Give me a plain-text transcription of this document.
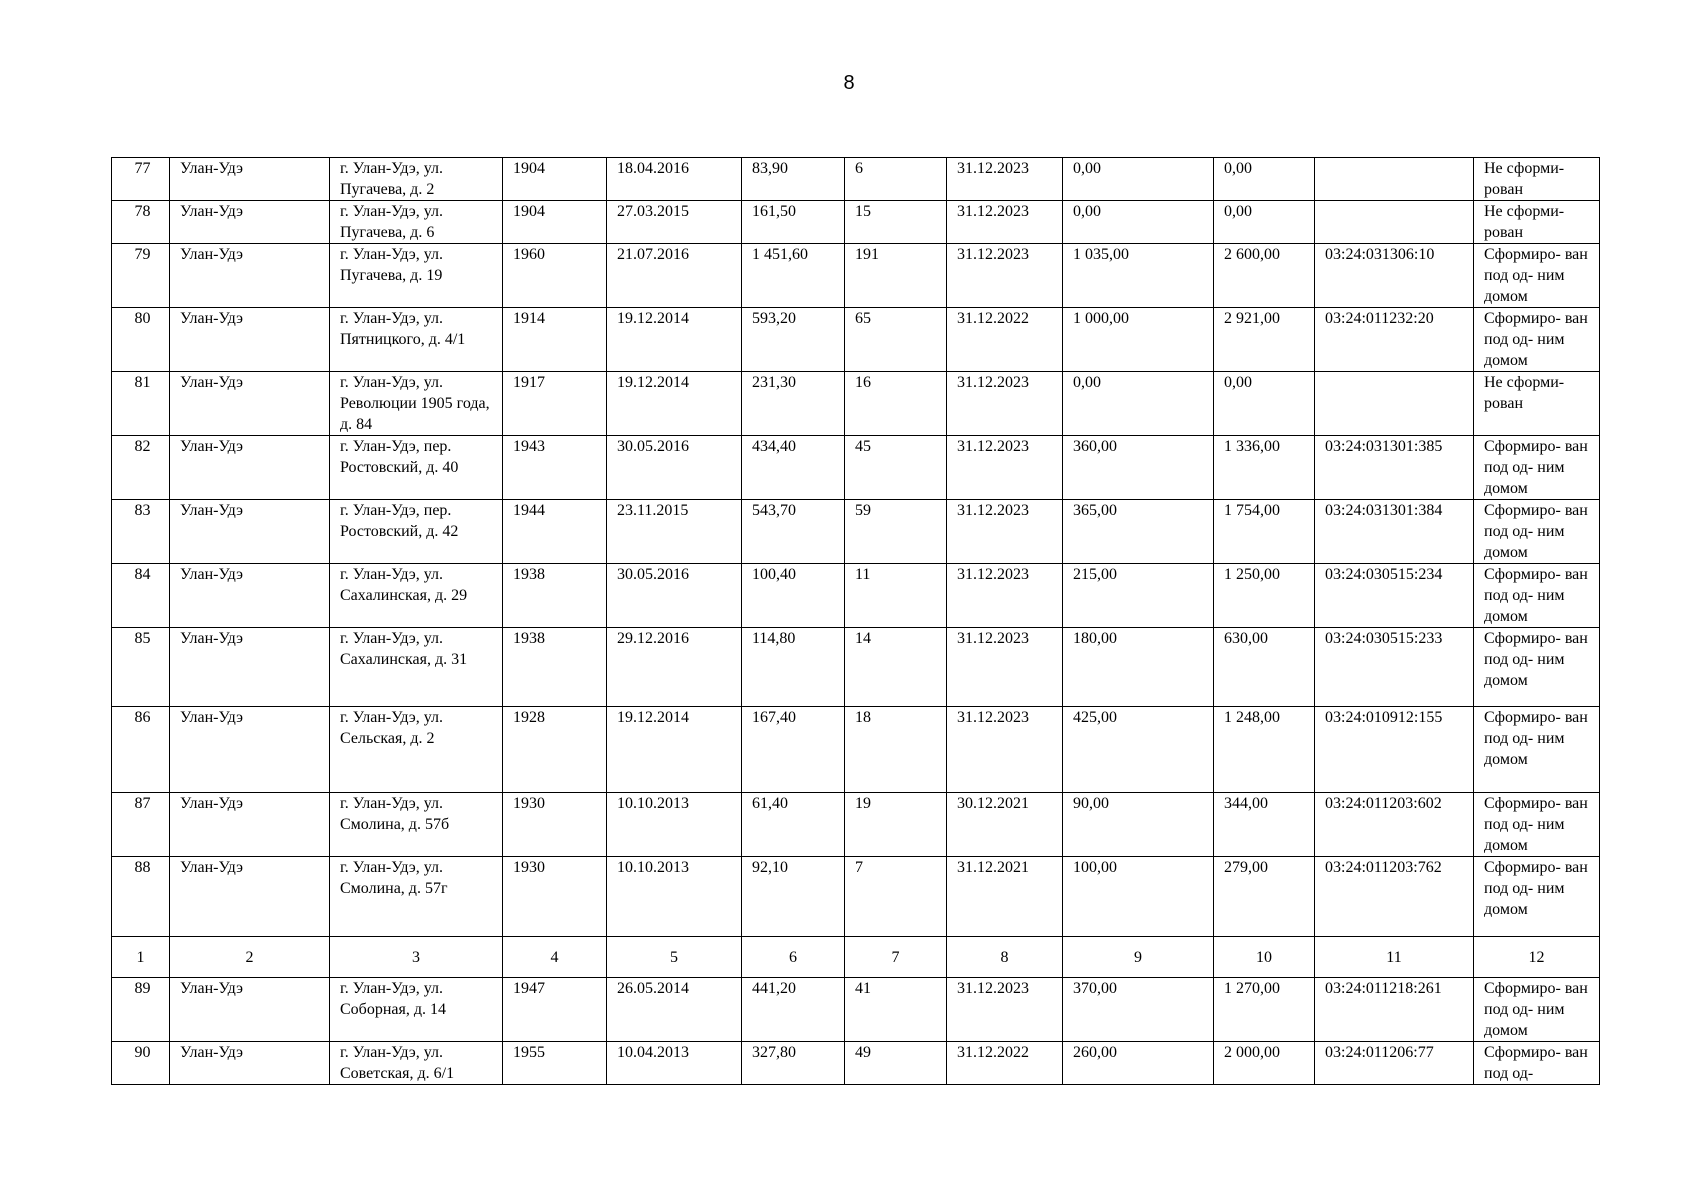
8
77	Улан-Удэ	г. Улан-Удэ, ул. Пугачева, д. 2	1904	18.04.2016	83,90	6	31.12.2023	0,00	0,00		Не сформи- рован
78	Улан-Удэ	г. Улан-Удэ, ул. Пугачева, д. 6	1904	27.03.2015	161,50	15	31.12.2023	0,00	0,00		Не сформи- рован
79	Улан-Удэ	г. Улан-Удэ, ул. Пугачева, д. 19	1960	21.07.2016	1 451,60	191	31.12.2023	1 035,00	2 600,00	03:24:031306:10	Сформиро- ван под од- ним домом
80	Улан-Удэ	г. Улан-Удэ, ул. Пятницкого, д. 4/1	1914	19.12.2014	593,20	65	31.12.2022	1 000,00	2 921,00	03:24:011232:20	Сформиро- ван под од- ним домом
81	Улан-Удэ	г. Улан-Удэ, ул. Революции 1905 года, д. 84	1917	19.12.2014	231,30	16	31.12.2023	0,00	0,00		Не сформи- рован
82	Улан-Удэ	г. Улан-Удэ, пер. Ростовский, д. 40	1943	30.05.2016	434,40	45	31.12.2023	360,00	1 336,00	03:24:031301:385	Сформиро- ван под од- ним домом
83	Улан-Удэ	г. Улан-Удэ, пер. Ростовский, д. 42	1944	23.11.2015	543,70	59	31.12.2023	365,00	1 754,00	03:24:031301:384	Сформиро- ван под од- ним домом
84	Улан-Удэ	г. Улан-Удэ, ул. Сахалинская, д. 29	1938	30.05.2016	100,40	11	31.12.2023	215,00	1 250,00	03:24:030515:234	Сформиро- ван под од- ним домом
85	Улан-Удэ	г. Улан-Удэ, ул. Сахалинская, д. 31	1938	29.12.2016	114,80	14	31.12.2023	180,00	630,00	03:24:030515:233	Сформиро- ван под од- ним домом
86	Улан-Удэ	г. Улан-Удэ, ул. Сельская, д. 2	1928	19.12.2014	167,40	18	31.12.2023	425,00	1 248,00	03:24:010912:155	Сформиро- ван под од- ним домом
87	Улан-Удэ	г. Улан-Удэ, ул. Смолина, д. 57б	1930	10.10.2013	61,40	19	30.12.2021	90,00	344,00	03:24:011203:602	Сформиро- ван под од- ним домом
88	Улан-Удэ	г. Улан-Удэ, ул. Смолина, д. 57г	1930	10.10.2013	92,10	7	31.12.2021	100,00	279,00	03:24:011203:762	Сформиро- ван под од- ним домом
1	2	3	4	5	6	7	8	9	10	11	12
89	Улан-Удэ	г. Улан-Удэ, ул. Соборная, д. 14	1947	26.05.2014	441,20	41	31.12.2023	370,00	1 270,00	03:24:011218:261	Сформиро- ван под од- ним домом
90	Улан-Удэ	г. Улан-Удэ, ул. Советская, д. 6/1	1955	10.04.2013	327,80	49	31.12.2022	260,00	2 000,00	03:24:011206:77	Сформиро- ван под од-
